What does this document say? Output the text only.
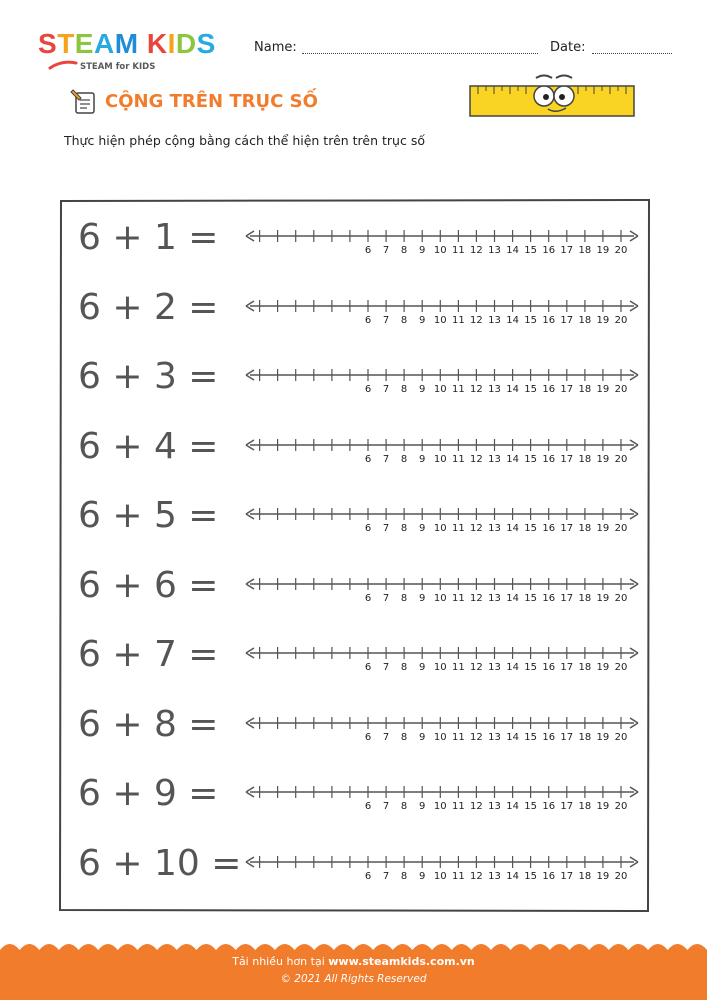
STEAM KIDS
STEAM for KIDS
Name:	Date:
CỘNG TRÊN TRỤC SỐ
Thực hiện phép cộng bằng cách thể hiện trên trên trục số
6 + 1 =	6 7 8 9 10 11 12 13 14 15 16 17 18 19 20
6 + 2 =	6 7 8 9 10 11 12 13 14 15 16 17 18 19 20
6 + 3 =	6 7 8 9 10 11 12 13 14 15 16 17 18 19 20
6 + 4 =	6 7 8 9 10 11 12 13 14 15 16 17 18 19 20
6 + 5 =	6 7 8 9 10 11 12 13 14 15 16 17 18 19 20
6 + 6 =	6 7 8 9 10 11 12 13 14 15 16 17 18 19 20
6 + 7 =	6 7 8 9 10 11 12 13 14 15 16 17 18 19 20
6 + 8 =	6 7 8 9 10 11 12 13 14 15 16 17 18 19 20
6 + 9 =	6 7 8 9 10 11 12 13 14 15 16 17 18 19 20
6 + 10 =	6 7 8 9 10 11 12 13 14 15 16 17 18 19 20
Tải nhiều hơn tại www.steamkids.com.vn
© 2021 All Rights Reserved
